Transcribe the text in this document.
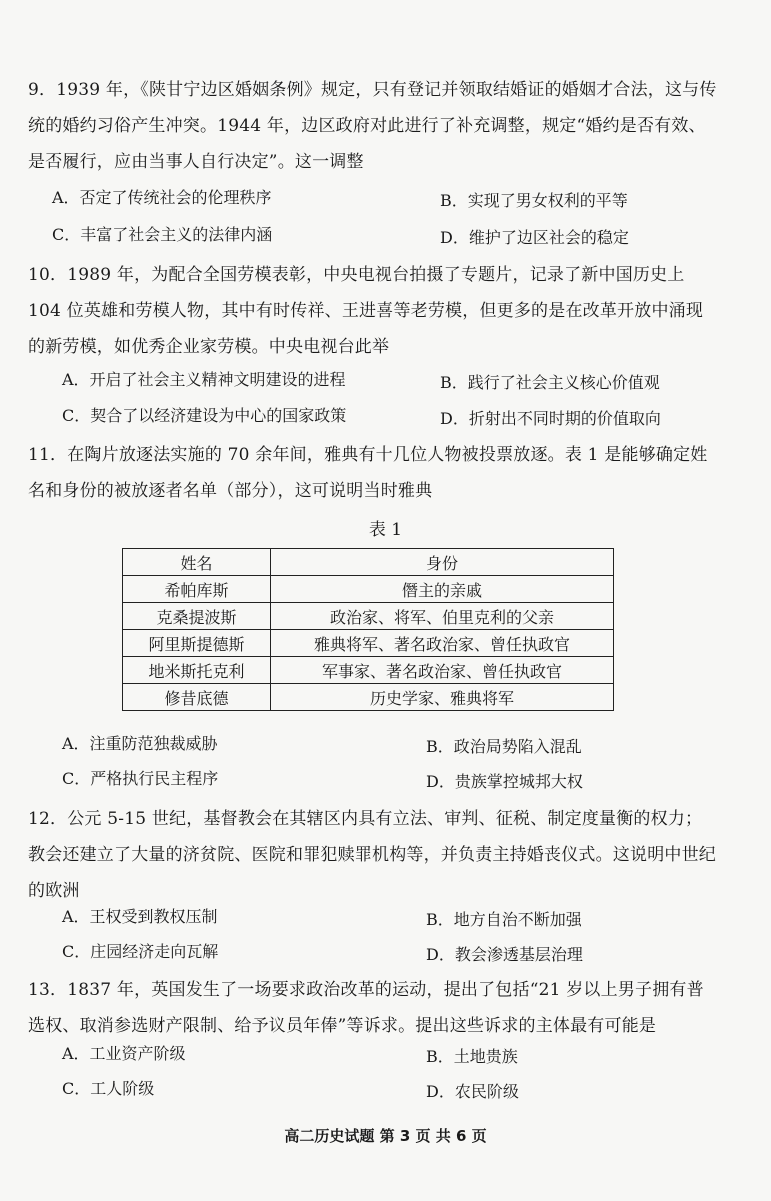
9．1939 年，《陕甘宁边区婚姻条例》规定，只有登记并领取结婚证的婚姻才合法，这与传统的婚约习俗产生冲突。1944 年，边区政府对此进行了补充调整，规定“婚约是否有效、是否履行，应由当事人自行决定”。这一调整

A．否定了传统社会的伦理秩序	B．实现了男女权利的平等
C．丰富了社会主义的法律内涵	D．维护了边区社会的稳定

10．1989 年，为配合全国劳模表彰，中央电视台拍摄了专题片，记录了新中国历史上 104 位英雄和劳模人物，其中有时传祥、王进喜等老劳模，但更多的是在改革开放中涌现的新劳模，如优秀企业家劳模。中央电视台此举

A．开启了社会主义精神文明建设的进程	B．践行了社会主义核心价值观
C．契合了以经济建设为中心的国家政策	D．折射出不同时期的价值取向

11．在陶片放逐法实施的 70 余年间，雅典有十几位人物被投票放逐。表 1 是能够确定姓名和身份的被放逐者名单（部分），这可说明当时雅典

表 1
姓名	身份
希帕库斯	僭主的亲戚
克桑提波斯	政治家、将军、伯里克利的父亲
阿里斯提德斯	雅典将军、著名政治家、曾任执政官
地米斯托克利	军事家、著名政治家、曾任执政官
修昔底德	历史学家、雅典将军
A．注重防范独裁威胁	B．政治局势陷入混乱
C．严格执行民主程序	D．贵族掌控城邦大权

12．公元 5-15 世纪，基督教会在其辖区内具有立法、审判、征税、制定度量衡的权力；教会还建立了大量的济贫院、医院和罪犯赎罪机构等，并负责主持婚丧仪式。这说明中世纪的欧洲

A．王权受到教权压制	B．地方自治不断加强
C．庄园经济走向瓦解	D．教会渗透基层治理

13．1837 年，英国发生了一场要求政治改革的运动，提出了包括“21 岁以上男子拥有普选权、取消参选财产限制、给予议员年俸”等诉求。提出这些诉求的主体最有可能是

A．工业资产阶级	B．土地贵族
C．工人阶级	D．农民阶级
高二历史试题 第 3 页 共 6 页
